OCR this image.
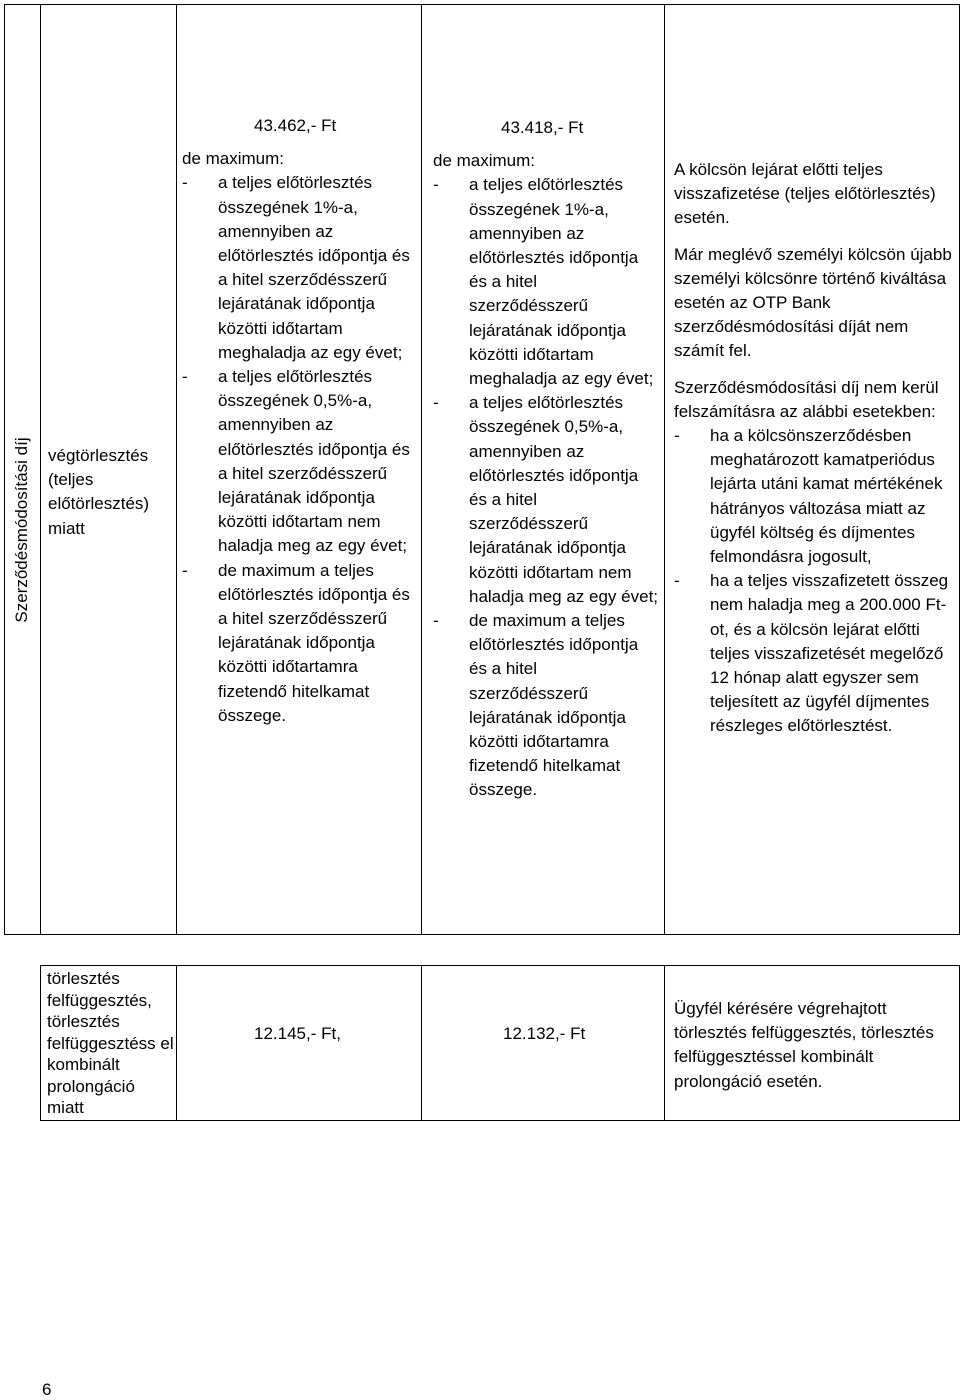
Szerződésmódosítási díj végtörlesztés (teljes előtörlesztés) miatt

43.462,- Ft

de maximum:

- a teljes előtörlesztés összegének 1%-a, amennyiben az előtörlesztés időpontja és a hitel szerződésszerű lejáratának időpontja közötti időtartam meghaladja az egy évet;
- a teljes előtörlesztés összegének 0,5%-a, amennyiben az előtörlesztés időpontja és a hitel szerződésszerű lejáratának időpontja közötti időtartam nem haladja meg az egy évet;
- de maximum a teljes előtörlesztés időpontja és a hitel szerződésszerű lejáratának időpontja közötti időtartamra fizetendő hitelkamat összege.

43.418,- Ft

de maximum:

- a teljes előtörlesztés összegének 1%-a, amennyiben az előtörlesztés időpontja és a hitel szerződésszerű lejáratának időpontja közötti időtartam meghaladja az egy évet;
- a teljes előtörlesztés összegének 0,5%-a, amennyiben az előtörlesztés időpontja és a hitel szerződésszerű lejáratának időpontja közötti időtartam nem haladja meg az egy évet;
- de maximum a teljes előtörlesztés időpontja és a hitel szerződésszerű lejáratának időpontja közötti időtartamra fizetendő hitelkamat összege.

A kölcsön lejárat előtti teljes visszafizetése (teljes előtörlesztés) esetén.

Már meglévő személyi kölcsön újabb személyi kölcsönre történő kiváltása esetén az OTP Bank szerződésmódosítási díját nem számít fel.

Szerződésmódosítási díj nem kerül felszámításra az alábbi esetekben:

- ha a kölcsönszerződésben meghatározott kamatperiódus lejárta utáni kamat mértékének hátrányos változása miatt az ügyfél költség és díjmentes felmondásra jogosult,
- ha a teljes visszafizetett összeg nem haladja meg a 200.000 Ft-ot, és a kölcsön lejárat előtti teljes visszafizetését megelőző 12 hónap alatt egyszer sem teljesített az ügyfél díjmentes részleges előtörlesztést.
törlesztés felfüggesztés, törlesztés felfüggesztéss el kombinált prolongáció miatt
12.145,- Ft,	12.132,- Ft
Ügyfél kérésére végrehajtott törlesztés felfüggesztés, törlesztés felfüggesztéssel kombinált prolongáció esetén.
6
